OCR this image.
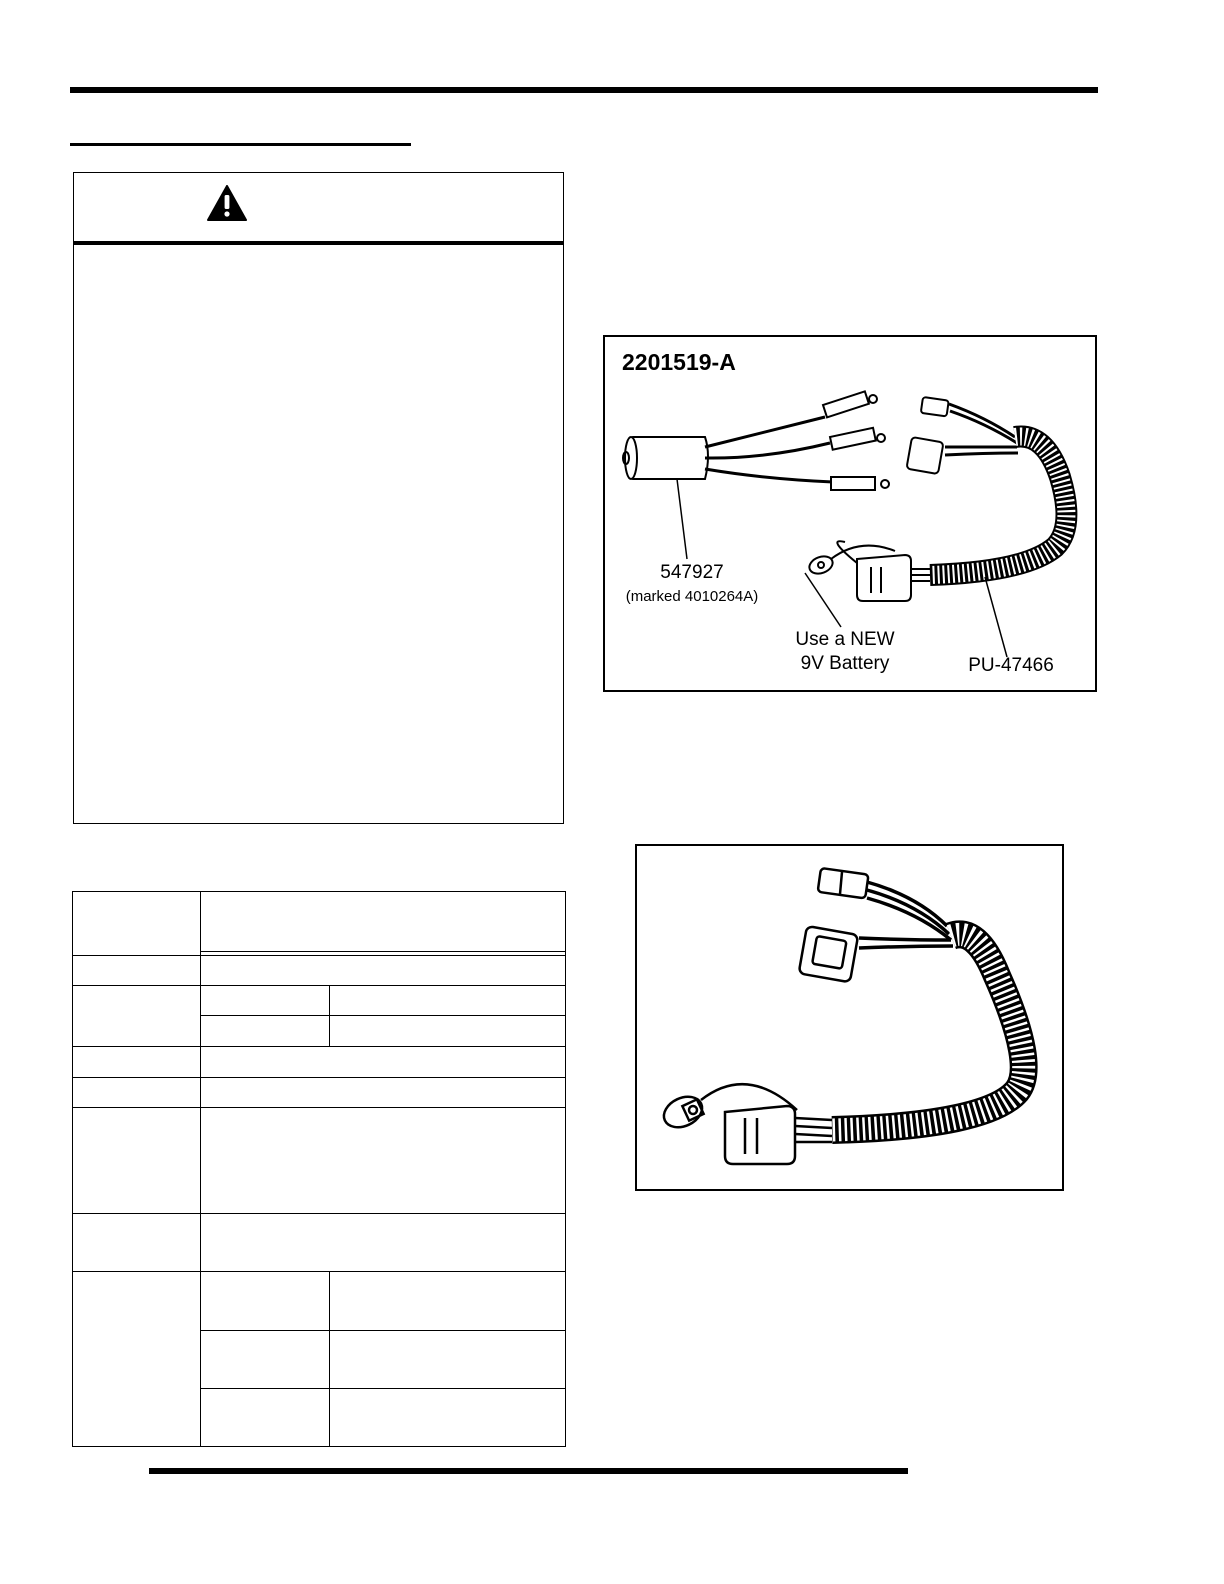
2201519-A
547927
(marked 4010264A)
Use a NEW
9V Battery	PU-47466
